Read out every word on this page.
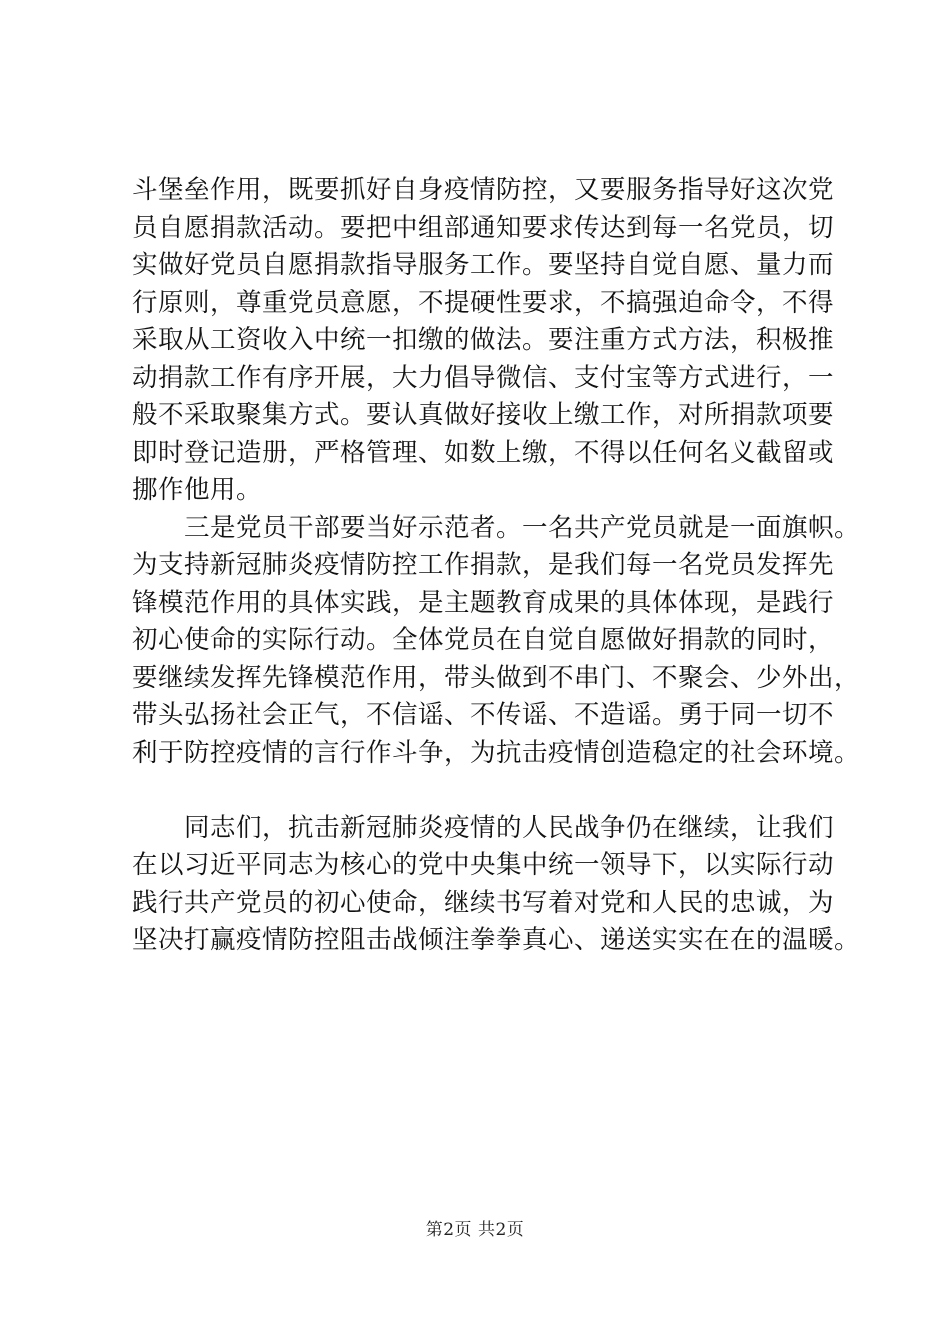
斗堡垒作用，既要抓好自身疫情防控，又要服务指导好这次党
员自愿捐款活动。要把中组部通知要求传达到每一名党员，切
实做好党员自愿捐款指导服务工作。要坚持自觉自愿、量力而
行原则，尊重党员意愿，不提硬性要求，不搞强迫命令，不得
采取从工资收入中统一扣缴的做法。要注重方式方法，积极推
动捐款工作有序开展，大力倡导微信、支付宝等方式进行，一
般不采取聚集方式。要认真做好接收上缴工作，对所捐款项要
即时登记造册，严格管理、如数上缴，不得以任何名义截留或
挪作他用。
　　三是党员干部要当好示范者。一名共产党员就是一面旗帜。
为支持新冠肺炎疫情防控工作捐款，是我们每一名党员发挥先
锋模范作用的具体实践，是主题教育成果的具体体现，是践行
初心使命的实际行动。全体党员在自觉自愿做好捐款的同时，
要继续发挥先锋模范作用，带头做到不串门、不聚会、少外出，
带头弘扬社会正气，不信谣、不传谣、不造谣。勇于同一切不
利于防控疫情的言行作斗争，为抗击疫情创造稳定的社会环境。
　　同志们，抗击新冠肺炎疫情的人民战争仍在继续，让我们
在以习近平同志为核心的党中央集中统一领导下，以实际行动
践行共产党员的初心使命，继续书写着对党和人民的忠诚，为
坚决打赢疫情防控阻击战倾注拳拳真心、递送实实在在的温暖。
第2页 共2页
